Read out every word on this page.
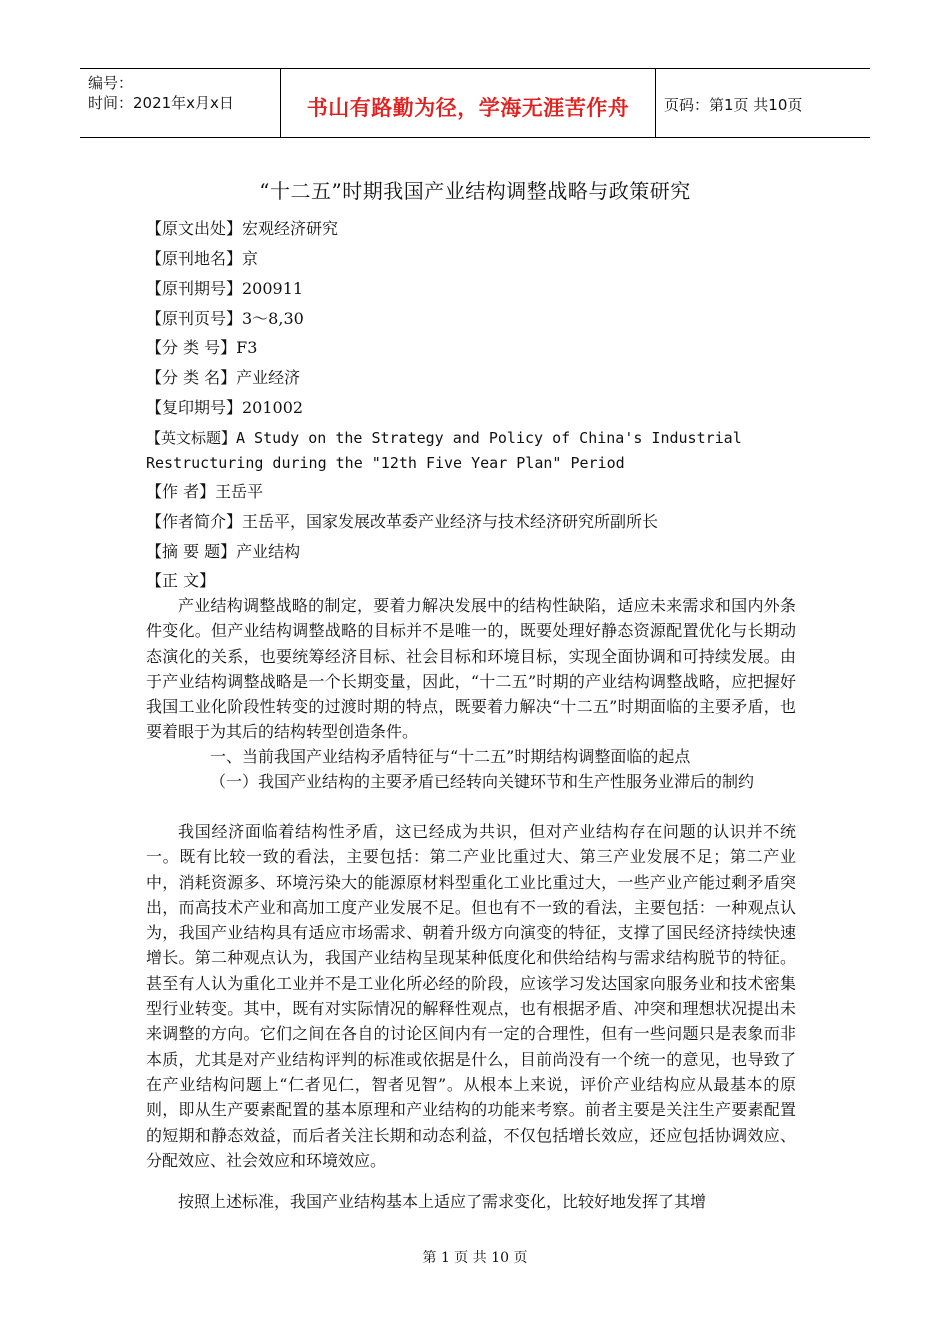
编号：
时间：2021年x月x日	书山有路勤为径，学海无涯苦作舟	页码：第1页 共10页
“十二五”时期我国产业结构调整战略与政策研究
【原文出处】宏观经济研究
【原刊地名】京
【原刊期号】200911
【原刊页号】3～8,30
【分 类 号】F3
【分 类 名】产业经济
【复印期号】201002
【英文标题】A Study on the Strategy and Policy of China's Industrial
Restructuring during the "12th Five Year Plan" Period
【作 者】王岳平
【作者简介】王岳平，国家发展改革委产业经济与技术经济研究所副所长
【摘 要 题】产业结构
【正 文】

产业结构调整战略的制定，要着力解决发展中的结构性缺陷，适应未来需求和国内外条件变化。但产业结构调整战略的目标并不是唯一的，既要处理好静态资源配置优化与长期动态演化的关系，也要统筹经济目标、社会目标和环境目标，实现全面协调和可持续发展。由于产业结构调整战略是一个长期变量，因此，“十二五”时期的产业结构调整战略，应把握好我国工业化阶段性转变的过渡时期的特点，既要着力解决“十二五”时期面临的主要矛盾，也要着眼于为其后的结构转型创造条件。

一、当前我国产业结构矛盾特征与“十二五”时期结构调整面临的起点

（一）我国产业结构的主要矛盾已经转向关键环节和生产性服务业滞后的制约

我国经济面临着结构性矛盾，这已经成为共识，但对产业结构存在问题的认识并不统一。既有比较一致的看法，主要包括：第二产业比重过大、第三产业发展不足；第二产业中，消耗资源多、环境污染大的能源原材料型重化工业比重过大，一些产业产能过剩矛盾突出，而高技术产业和高加工度产业发展不足。但也有不一致的看法，主要包括：一种观点认为，我国产业结构具有适应市场需求、朝着升级方向演变的特征，支撑了国民经济持续快速增长。第二种观点认为，我国产业结构呈现某种低度化和供给结构与需求结构脱节的特征。甚至有人认为重化工业并不是工业化所必经的阶段，应该学习发达国家向服务业和技术密集型行业转变。其中，既有对实际情况的解释性观点，也有根据矛盾、冲突和理想状况提出未来调整的方向。它们之间在各自的讨论区间内有一定的合理性，但有一些问题只是表象而非本质，尤其是对产业结构评判的标准或依据是什么，目前尚没有一个统一的意见，也导致了在产业结构问题上“仁者见仁，智者见智”。从根本上来说，评价产业结构应从最基本的原则，即从生产要素配置的基本原理和产业结构的功能来考察。前者主要是关注生产要素配置的短期和静态效益，而后者关注长期和动态利益，不仅包括增长效应，还应包括协调效应、分配效应、社会效应和环境效应。

按照上述标准，我国产业结构基本上适应了需求变化，比较好地发挥了其增

第 1 页 共 10 页
